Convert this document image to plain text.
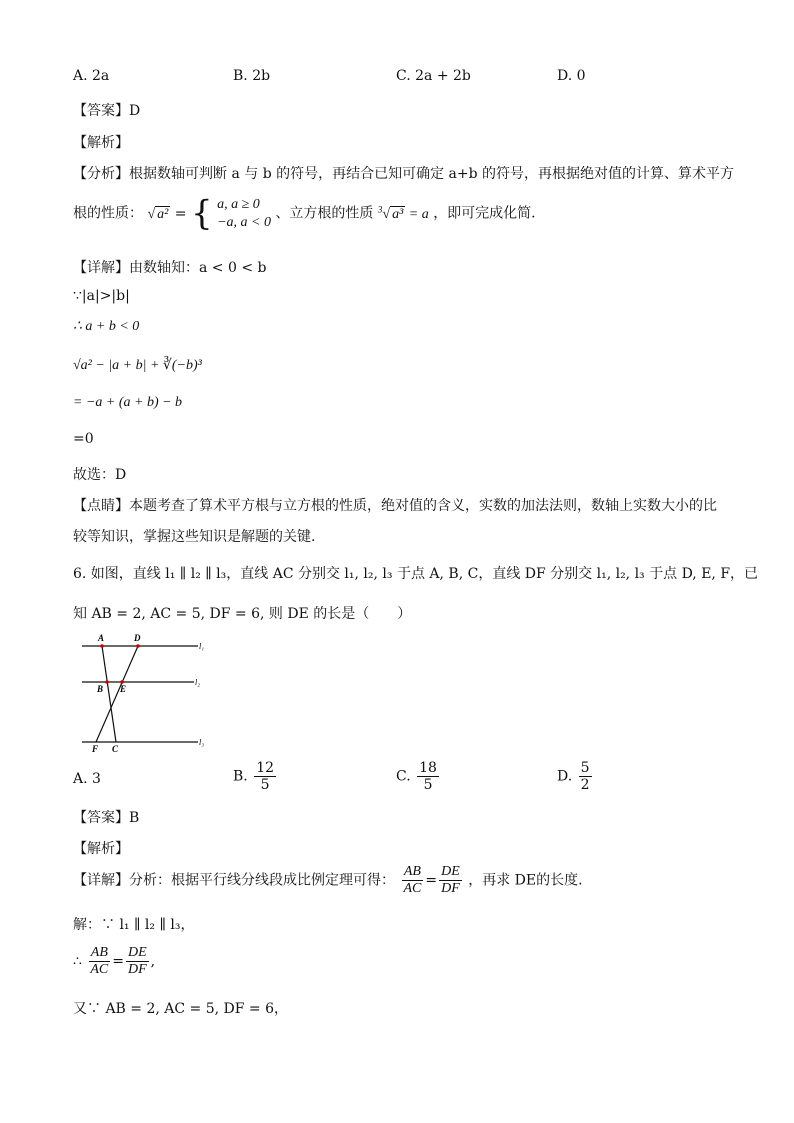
A. 2a	B. 2b	C. 2a + 2b	D. 0
【答案】D
【解析】
【分析】根据数轴可判断 a 与 b 的符号，再结合已知可确定 a+b 的符号，再根据绝对值的计算、算术平方
根的性质： √ a² = { a, a ≥ 0
−a, a < 0
、立方根的性质 $^3$√ a³ = a ，即可完成化简.
【详解】由数轴知：a < 0 < b
∵|a|>|b|
∴ a + b < 0
√a² − |a + b| + ∛(−b)³
= −a + (a + b) − b
=0
故选：D
【点睛】本题考查了算术平方根与立方根的性质，绝对值的含义，实数的加法法则，数轴上实数大小的比
较等知识，掌握这些知识是解题的关键.
6. 如图，直线 l₁ ∥ l₂ ∥ l₃，直线 AC 分别交 l₁, l₂, l₃ 于点 A, B, C，直线 DF 分别交 l₁, l₂, l₃ 于点 D, E, F，已
知 AB = 2, AC = 5, DF = 6, 则 DE 的长是（　　）
A	D
B E
F C
l₁
l₂
l₃
A. 3	B. $\frac{12}{5}$	C. $\frac{18}{5}$	D. $\frac{5}{2}$
【答案】B
【解析】
【详解】分析：根据平行线分线段成比例定理可得： $\frac{AB}{AC} = \frac{DE}{DF}$ ，再求 DE的长度.
解：∵ l₁ ∥ l₂ ∥ l₃，
∴ $\frac{AB}{AC} = \frac{DE}{DF}$ ,
又∵ AB = 2, AC = 5, DF = 6，
